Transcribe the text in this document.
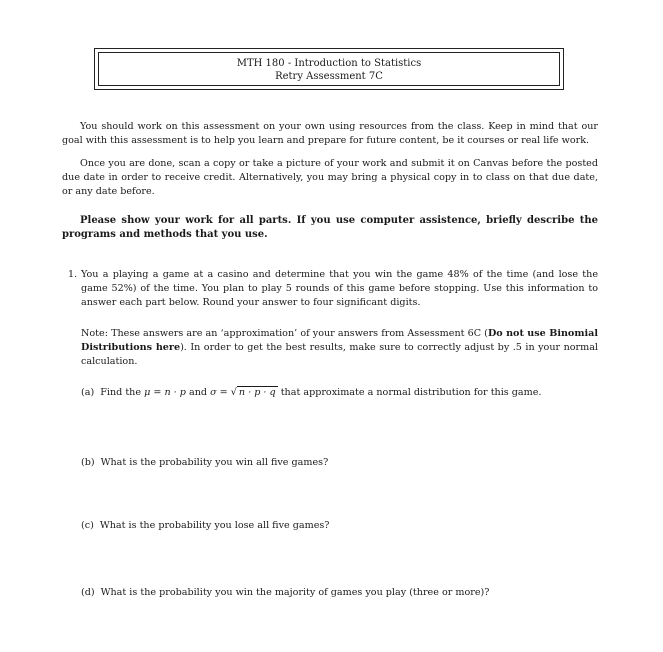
MTH 180 - Introduction to Statistics
Retry Assessment 7C

You should work on this assessment on your own using resources from the class. Keep in mind that our goal with this assessment is to help you learn and prepare for future content, be it courses or real life work.

Once you are done, scan a copy or take a picture of your work and submit it on Canvas before the posted due date in order to receive credit. Alternatively, you may bring a physical copy in to class on that due date, or any date before.

Please show your work for all parts. If you use computer assistence, briefly describe the programs and methods that you use.

1. You a playing a game at a casino and determine that you win the game 48% of the time (and lose the game 52%) of the time. You plan to play 5 rounds of this game before stopping. Use this information to answer each part below. Round your answer to four significant digits.
Note: These answers are an ‘approximation’ of your answers from Assessment 6C (Do not use Binomial Distributions here). In order to get the best results, make sure to correctly adjust by .5 in your normal calculation.
(a) Find the μ = n · p and σ = √ n · p · q that approximate a normal distribution for this game.
(b) What is the probability you win all five games?
(c) What is the probability you lose all five games?
(d) What is the probability you win the majority of games you play (three or more)?
